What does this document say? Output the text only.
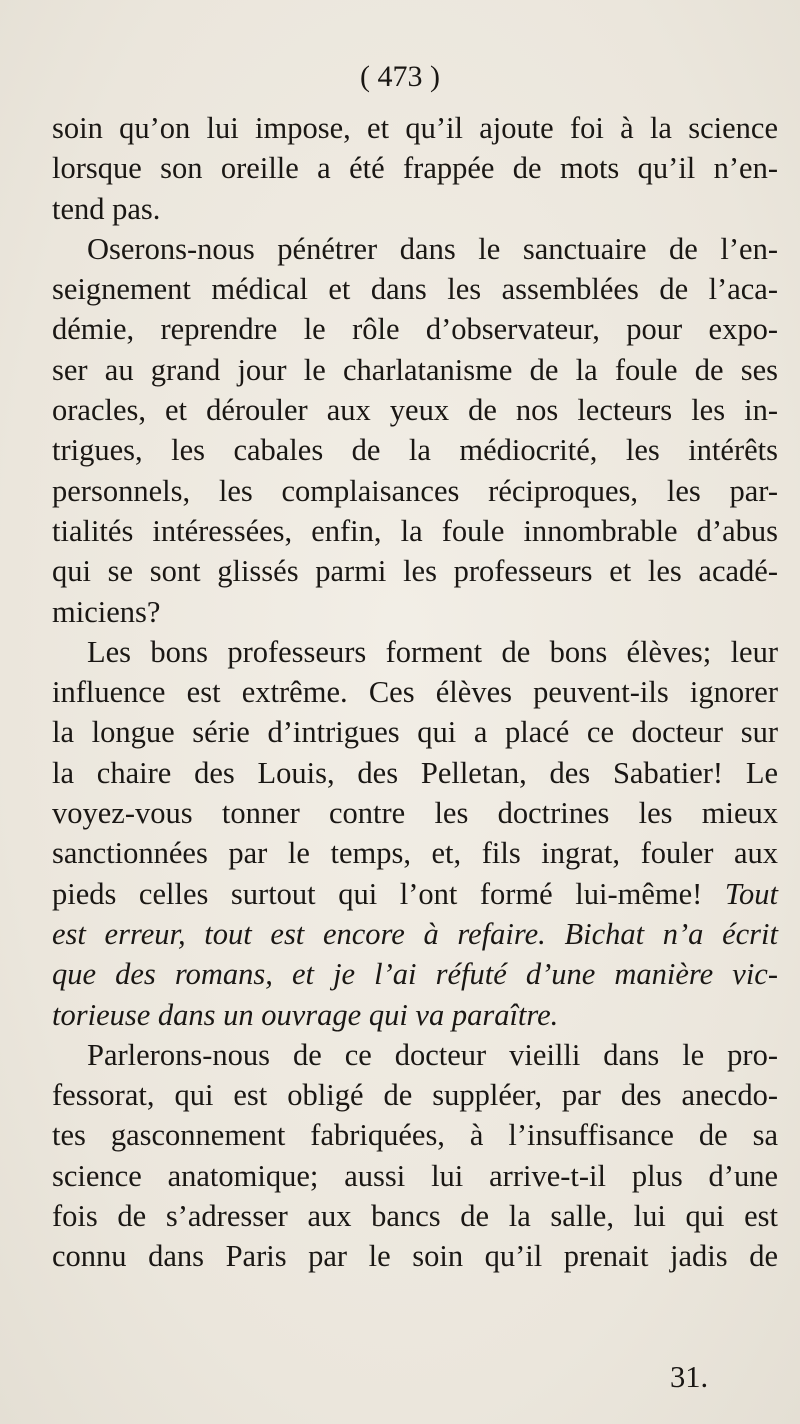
( 473 )
soin qu’on lui impose, et qu’il ajoute foi à la science
lorsque son oreille a été frappée de mots qu’il n’en-
tend pas.
Oserons-nous pénétrer dans le sanctuaire de l’en-
seignement médical et dans les assemblées de l’aca-
démie, reprendre le rôle d’observateur, pour expo-
ser au grand jour le charlatanisme de la foule de ses
oracles, et dérouler aux yeux de nos lecteurs les in-
trigues, les cabales de la médiocrité, les intérêts
personnels, les complaisances réciproques, les par-
tialités intéressées, enfin, la foule innombrable d’abus
qui se sont glissés parmi les professeurs et les acadé-
miciens?
Les bons professeurs forment de bons élèves; leur
influence est extrême. Ces élèves peuvent-ils ignorer
la longue série d’intrigues qui a placé ce docteur sur
la chaire des Louis, des Pelletan, des Sabatier! Le
voyez-vous tonner contre les doctrines les mieux
sanctionnées par le temps, et, fils ingrat, fouler aux
pieds celles surtout qui l’ont formé lui-même! Tout
est erreur, tout est encore à refaire. Bichat n’a écrit
que des romans, et je l’ai réfuté d’une manière vic-
torieuse dans un ouvrage qui va paraître.
Parlerons-nous de ce docteur vieilli dans le pro-
fessorat, qui est obligé de suppléer, par des anecdo-
tes gasconnement fabriquées, à l’insuffisance de sa
science anatomique; aussi lui arrive-t-il plus d’une
fois de s’adresser aux bancs de la salle, lui qui est
connu dans Paris par le soin qu’il prenait jadis de
31.
